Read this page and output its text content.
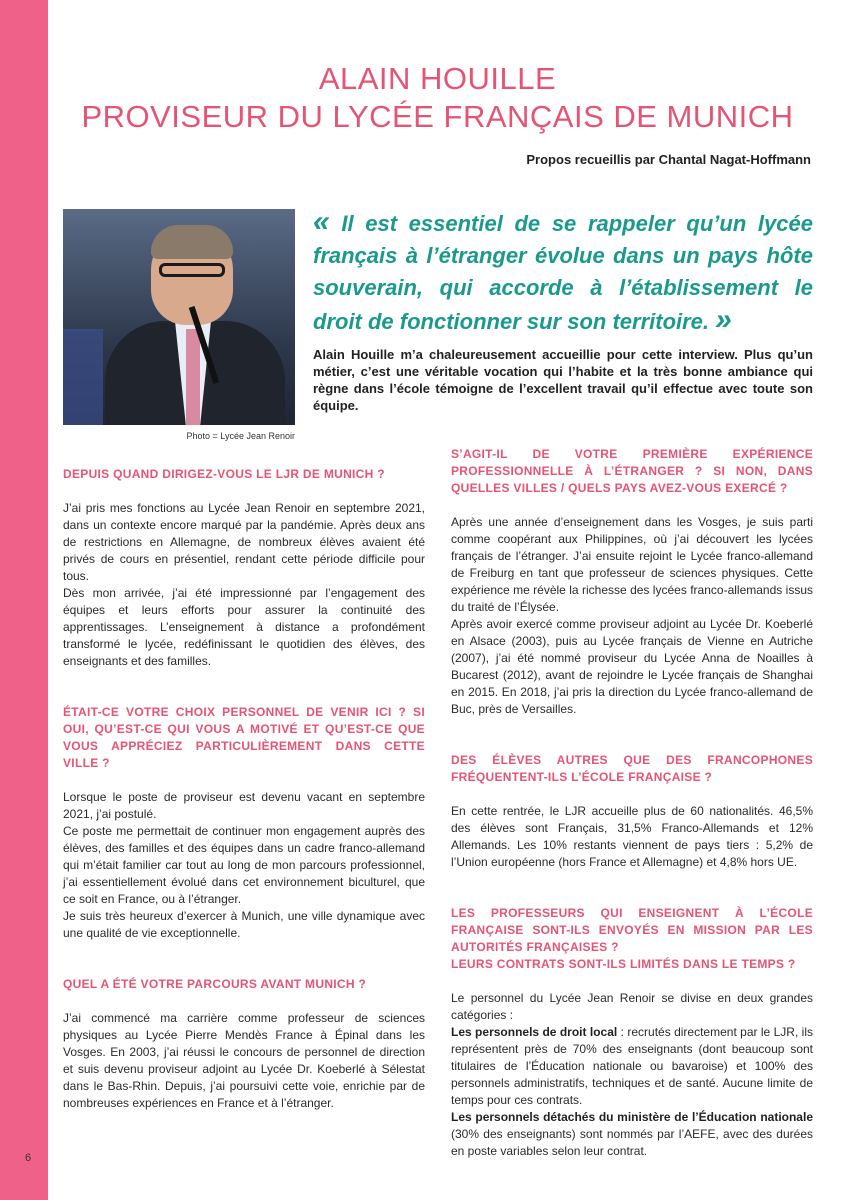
LA GRANDE INTERVIEW
6
ALAIN HOUILLE
PROVISEUR DU LYCÉE FRANÇAIS DE MUNICH
Propos recueillis par Chantal Nagat-Hoffmann
Photo = Lycée Jean Renoir
« Il est essentiel de se rappeler qu’un lycée français à l’étranger évolue dans un pays hôte souverain, qui accorde à l’établissement le droit de fonctionner sur son territoire. »
Alain Houille m’a chaleureusement accueillie pour cette interview. Plus qu’un métier, c’est une véritable vocation qui l’habite et la très bonne ambiance qui règne dans l’école témoigne de l’excellent travail qu’il effectue avec toute son équipe.

DEPUIS QUAND DIRIGEZ-VOUS LE LJR DE MUNICH ?

J’ai pris mes fonctions au Lycée Jean Renoir en septembre 2021, dans un contexte encore marqué par la pandémie. Après deux ans de restrictions en Allemagne, de nombreux élèves avaient été privés de cours en présentiel, rendant cette période difficile pour tous.

Dès mon arrivée, j’ai été impressionné par l’engagement des équipes et leurs efforts pour assurer la continuité des apprentissages. L’enseignement à distance a profondément transformé le lycée, redéfinissant le quotidien des élèves, des enseignants et des familles.

ÉTAIT-CE VOTRE CHOIX PERSONNEL DE VENIR ICI ? SI OUI, QU’EST-CE QUI VOUS A MOTIVÉ ET QU’EST-CE QUE VOUS APPRÉCIEZ PARTICULIÈREMENT DANS CETTE VILLE ?

Lorsque le poste de proviseur est devenu vacant en septembre 2021, j’ai postulé.

Ce poste me permettait de continuer mon engagement auprès des élèves, des familles et des équipes dans un cadre franco-allemand qui m’était familier car tout au long de mon parcours professionnel, j’ai essentiellement évolué dans cet environnement biculturel, que ce soit en France, ou à l’étranger.

Je suis très heureux d’exercer à Munich, une ville dynamique avec une qualité de vie exceptionnelle.

QUEL A ÉTÉ VOTRE PARCOURS AVANT MUNICH ?

J’ai commencé ma carrière comme professeur de sciences physiques au Lycée Pierre Mendès France à Épinal dans les Vosges. En 2003, j’ai réussi le concours de personnel de direction et suis devenu proviseur adjoint au Lycée Dr. Koeberlé à Sélestat dans le Bas-Rhin. Depuis, j’ai poursuivi cette voie, enrichie par de nombreuses expériences en France et à l’étranger.

S’AGIT-IL DE VOTRE PREMIÈRE EXPÉRIENCE PROFESSIONNELLE À L’ÉTRANGER ? SI NON, DANS QUELLES VILLES / QUELS PAYS AVEZ-VOUS EXERCÉ ?

Après une année d’enseignement dans les Vosges, je suis parti comme coopérant aux Philippines, où j’ai découvert les lycées français de l’étranger. J’ai ensuite rejoint le Lycée franco-allemand de Freiburg en tant que professeur de sciences physiques. Cette expérience me révèle la richesse des lycées franco-allemands issus du traité de l’Élysée.

Après avoir exercé comme proviseur adjoint au Lycée Dr. Koeberlé en Alsace (2003), puis au Lycée français de Vienne en Autriche (2007), j’ai été nommé proviseur du Lycée Anna de Noailles à Bucarest (2012), avant de rejoindre le Lycée français de Shanghai en 2015. En 2018, j’ai pris la direction du Lycée franco-allemand de Buc, près de Versailles.

DES ÉLÈVES AUTRES QUE DES FRANCOPHONES FRÉQUENTENT-ILS L’ÉCOLE FRANÇAISE ?

En cette rentrée, le LJR accueille plus de 60 nationalités. 46,5% des élèves sont Français, 31,5% Franco-Allemands et 12% Allemands. Les 10% restants viennent de pays tiers : 5,2% de l’Union européenne (hors France et Allemagne) et 4,8% hors UE.

LES PROFESSEURS QUI ENSEIGNENT À L’ÉCOLE FRANÇAISE SONT-ILS ENVOYÉS EN MISSION PAR LES AUTORITÉS FRANÇAISES ?

LEURS CONTRATS SONT-ILS LIMITÉS DANS LE TEMPS ?

Le personnel du Lycée Jean Renoir se divise en deux grandes catégories :

Les personnels de droit local : recrutés directement par le LJR, ils représentent près de 70% des enseignants (dont beaucoup sont titulaires de l’Éducation nationale ou bavaroise) et 100% des personnels administratifs, techniques et de santé. Aucune limite de temps pour ces contrats.

Les personnels détachés du ministère de l’Éducation nationale (30% des enseignants) sont nommés par l’AEFE, avec des durées en poste variables selon leur contrat.
